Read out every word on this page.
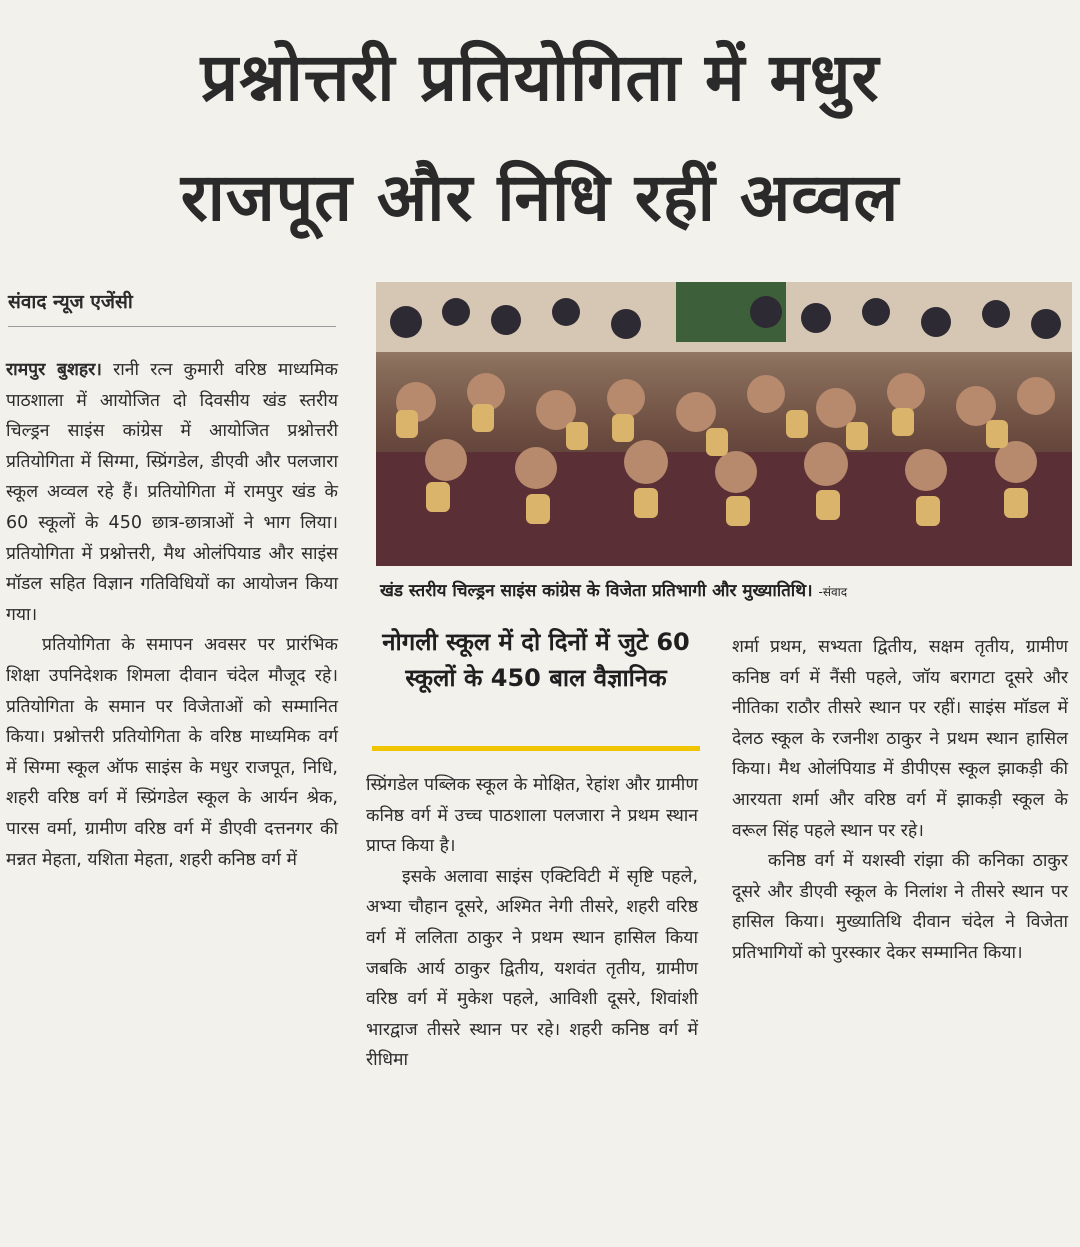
प्रश्नोत्तरी प्रतियोगिता में मधुर
राजपूत और निधि रहीं अव्वल
संवाद न्यूज एजेंसी

रामपुर बुशहर। रानी रत्न कुमारी वरिष्ठ माध्यमिक पाठशाला में आयोजित दो दिवसीय खंड स्तरीय चिल्ड्रन साइंस कांग्रेस में आयोजित प्रश्नोत्तरी प्रतियोगिता में सिग्मा, स्प्रिंगडेल, डीएवी और पलजारा स्कूल अव्वल रहे हैं। प्रतियोगिता में रामपुर खंड के 60 स्कूलों के 450 छात्र-छात्राओं ने भाग लिया। प्रतियोगिता में प्रश्नोत्तरी, मैथ ओलंपियाड और साइंस मॉडल सहित विज्ञान गतिविधियों का आयोजन किया गया।

प्रतियोगिता के समापन अवसर पर प्रारंभिक शिक्षा उपनिदेशक शिमला दीवान चंदेल मौजूद रहे। प्रतियोगिता के समान पर विजेताओं को सम्मानित किया। प्रश्नोत्तरी प्रतियोगिता के वरिष्ठ माध्यमिक वर्ग में सिग्मा स्कूल ऑफ साइंस के मधुर राजपूत, निधि, शहरी वरिष्ठ वर्ग में स्प्रिंगडेल स्कूल के आर्यन श्रेक, पारस वर्मा, ग्रामीण वरिष्ठ वर्ग में डीएवी दत्तनगर की मन्नत मेहता, यशिता मेहता, शहरी कनिष्ठ वर्ग में

खंड स्तरीय चिल्ड्रन साइंस कांग्रेस के विजेता प्रतिभागी और मुख्यातिथि। -संवाद
नोगली स्कूल में दो दिनों में जुटे 60 स्कूलों के 450 बाल वैज्ञानिक

स्प्रिंगडेल पब्लिक स्कूल के मोक्षित, रेहांश और ग्रामीण कनिष्ठ वर्ग में उच्च पाठशाला पलजारा ने प्रथम स्थान प्राप्त किया है।

इसके अलावा साइंस एक्टिविटी में सृष्टि पहले, अभ्या चौहान दूसरे, अश्मित नेगी तीसरे, शहरी वरिष्ठ वर्ग में ललिता ठाकुर ने प्रथम स्थान हासिल किया जबकि आर्य ठाकुर द्वितीय, यशवंत तृतीय, ग्रामीण वरिष्ठ वर्ग में मुकेश पहले, आविशी दूसरे, शिवांशी भारद्वाज तीसरे स्थान पर रहे। शहरी कनिष्ठ वर्ग में रीधिमा

शर्मा प्रथम, सभ्यता द्वितीय, सक्षम तृतीय, ग्रामीण कनिष्ठ वर्ग में नैंसी पहले, जॉय बरागटा दूसरे और नीतिका राठौर तीसरे स्थान पर रहीं। साइंस मॉडल में देलठ स्कूल के रजनीश ठाकुर ने प्रथम स्थान हासिल किया। मैथ ओलंपियाड में डीपीएस स्कूल झाकड़ी की आरयता शर्मा और वरिष्ठ वर्ग में झाकड़ी स्कूल के वरूल सिंह पहले स्थान पर रहे।

कनिष्ठ वर्ग में यशस्वी रांझा की कनिका ठाकुर दूसरे और डीएवी स्कूल के निलांश ने तीसरे स्थान पर हासिल किया। मुख्यातिथि दीवान चंदेल ने विजेता प्रतिभागियों को पुरस्कार देकर सम्मानित किया।
